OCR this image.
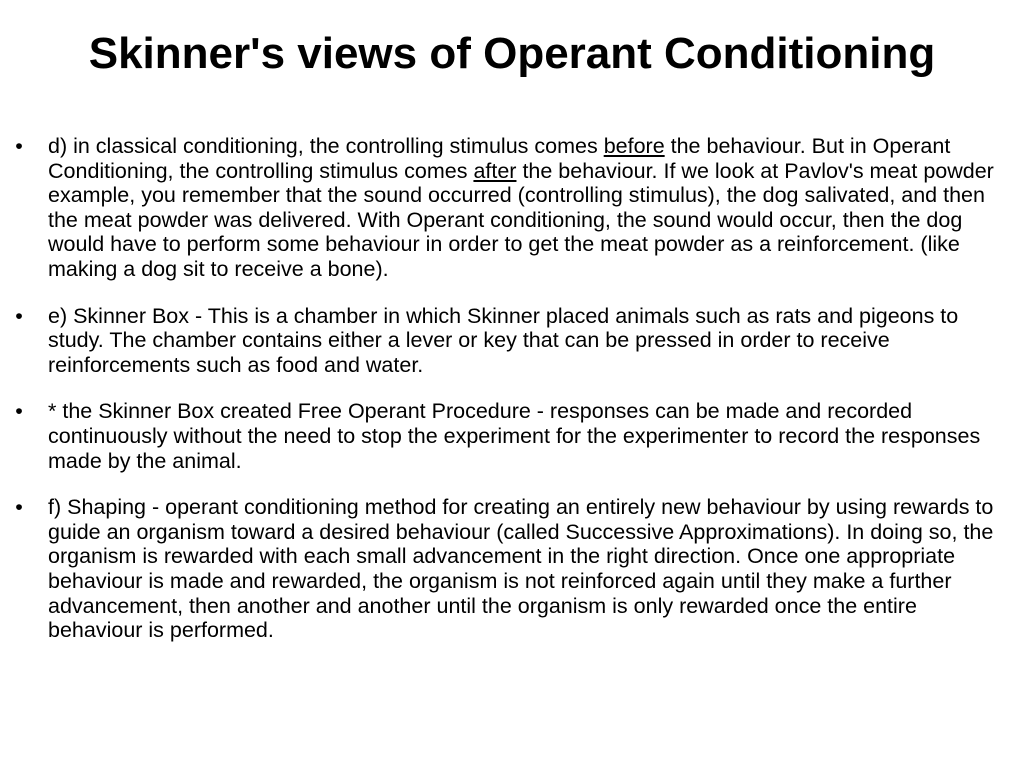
Skinner's views of Operant Conditioning
• d) in classical conditioning, the controlling stimulus comes before the behaviour. But in Operant Conditioning, the controlling stimulus comes after the behaviour. If we look at Pavlov's meat powder example, you remember that the sound occurred (controlling stimulus), the dog salivated, and then the meat powder was delivered. With Operant conditioning, the sound would occur, then the dog would have to perform some behaviour in order to get the meat powder as a reinforcement. (like making a dog sit to receive a bone).
• e) Skinner Box - This is a chamber in which Skinner placed animals such as rats and pigeons to study. The chamber contains either a lever or key that can be pressed in order to receive reinforcements such as food and water.
• * the Skinner Box created Free Operant Procedure - responses can be made and recorded continuously without the need to stop the experiment for the experimenter to record the responses made by the animal.
• f) Shaping - operant conditioning method for creating an entirely new behaviour by using rewards to guide an organism toward a desired behaviour (called Successive Approximations). In doing so, the organism is rewarded with each small advancement in the right direction. Once one appropriate behaviour is made and rewarded, the organism is not reinforced again until they make a further advancement, then another and another until the organism is only rewarded once the entire behaviour is performed.
